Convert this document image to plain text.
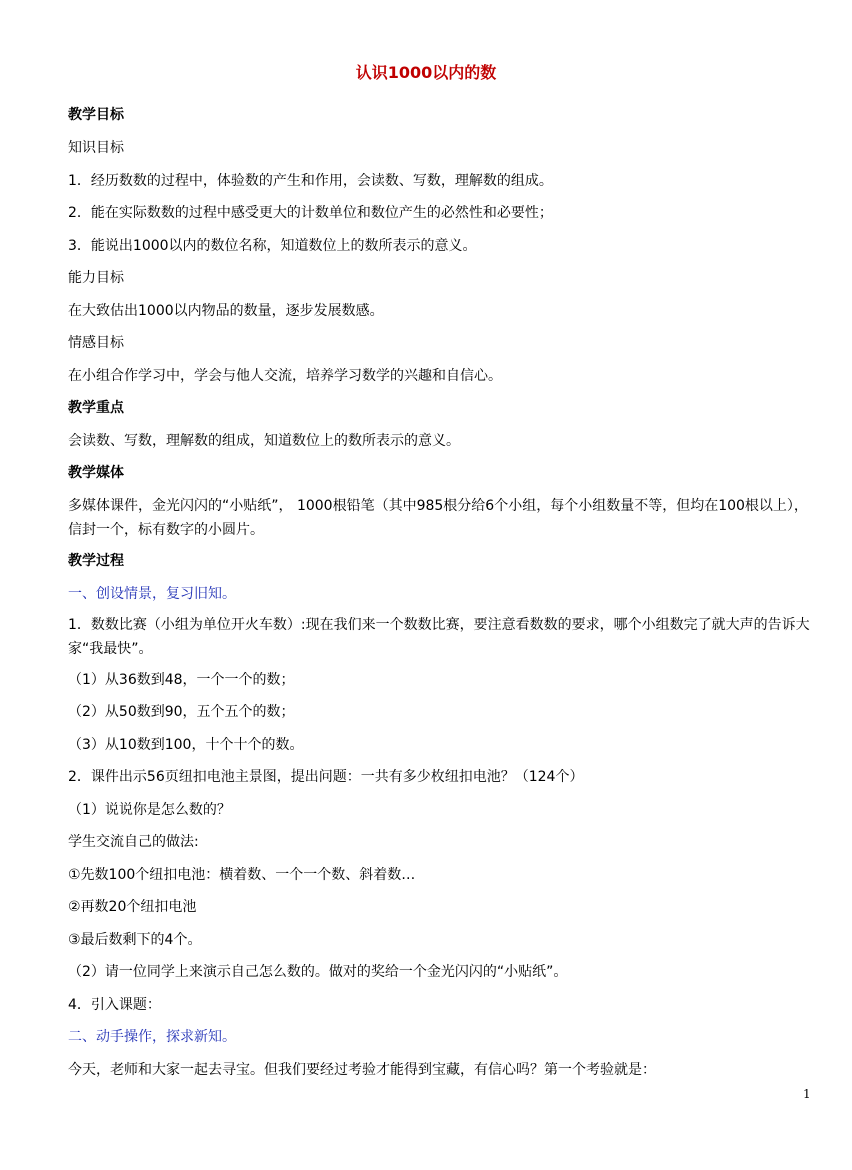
认识1000以内的数
教学目标
知识目标
1．经历数数的过程中，体验数的产生和作用，会读数、写数，理解数的组成。
2．能在实际数数的过程中感受更大的计数单位和数位产生的必然性和必要性；
3．能说出1000以内的数位名称，知道数位上的数所表示的意义。
能力目标
在大致估出1000以内物品的数量，逐步发展数感。
情感目标
在小组合作学习中，学会与他人交流，培养学习数学的兴趣和自信心。
教学重点
会读数、写数，理解数的组成，知道数位上的数所表示的意义。
教学媒体
多媒体课件，金光闪闪的“小贴纸”， 1000根铅笔（其中985根分给6个小组，每个小组数量不等，但均在100根以上），信封一个，标有数字的小圆片。
教学过程
一、创设情景，复习旧知。
1．数数比赛（小组为单位开火车数）:现在我们来一个数数比赛，要注意看数数的要求，哪个小组数完了就大声的告诉大家“我最快”。
（1）从36数到48，一个一个的数；
（2）从50数到90，五个五个的数；
（3）从10数到100，十个十个的数。
2．课件出示56页纽扣电池主景图，提出问题：一共有多少枚纽扣电池？（124个）
（1）说说你是怎么数的？
学生交流自己的做法:
①先数100个纽扣电池：横着数、一个一个数、斜着数…
②再数20个纽扣电池
③最后数剩下的4个。
（2）请一位同学上来演示自己怎么数的。做对的奖给一个金光闪闪的“小贴纸”。
4．引入课题：
二、动手操作，探求新知。
今天，老师和大家一起去寻宝。但我们要经过考验才能得到宝藏，有信心吗？第一个考验就是：
1
